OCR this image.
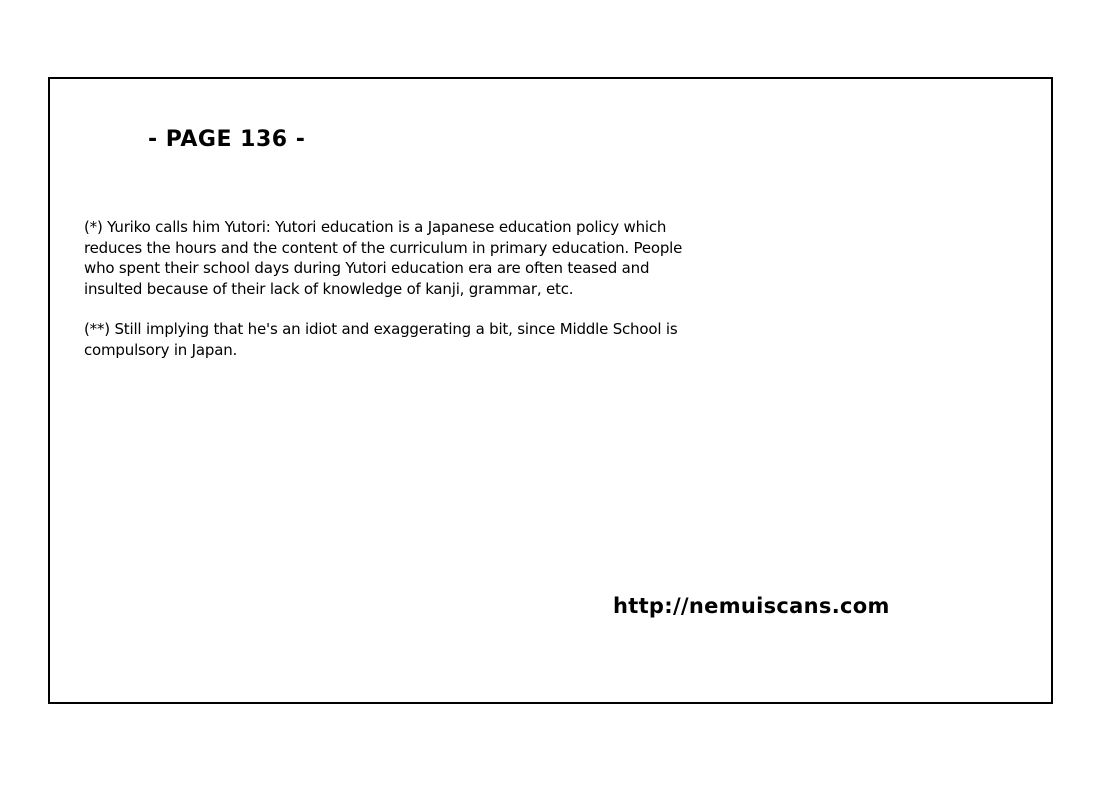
- PAGE 136 -

(*) Yuriko calls him Yutori: Yutori education is a Japanese education policy which reduces the hours and the content of the curriculum in primary education. People who spent their school days during Yutori education era are often teased and insulted because of their lack of knowledge of kanji, grammar, etc.

(**) Still implying that he's an idiot and exaggerating a bit, since Middle School is compulsory in Japan.

http://nemuiscans.com
